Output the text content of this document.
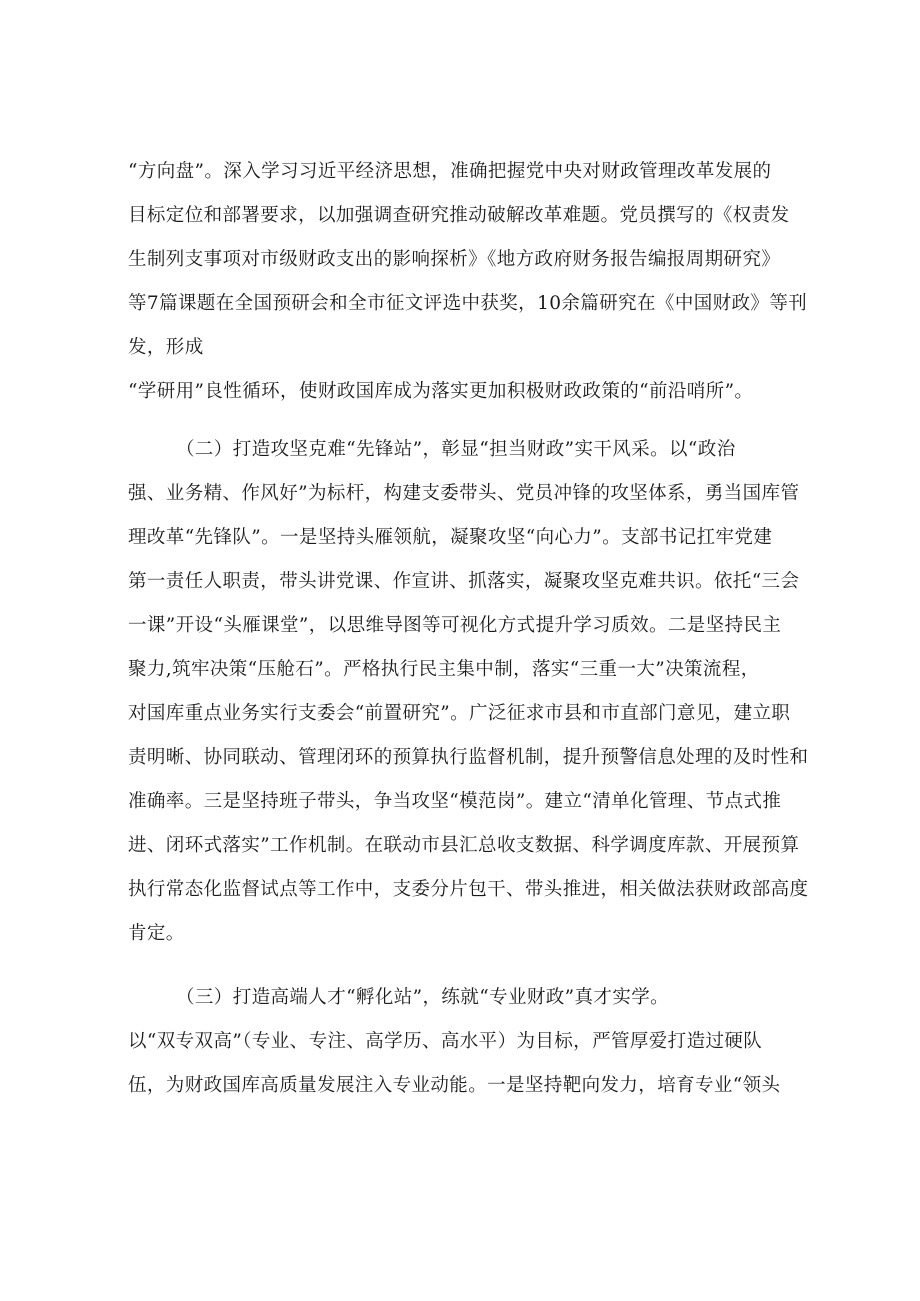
“方向盘”。深入学习习近平经济思想，准确把握党中央对财政管理改革发展的
目标定位和部署要求，以加强调查研究推动破解改革难题。党员撰写的《权责发
生制列支事项对市级财政支出的影响探析》《地方政府财务报告编报周期研究》
等7篇课题在全国预研会和全市征文评选中获奖，10余篇研究在《中国财政》等刊
发，形成
“学研用”良性循环，使财政国库成为落实更加积极财政政策的“前沿哨所”。
（二）打造攻坚克难“先锋站”，彰显“担当财政”实干风采。以“政治
强、业务精、作风好”为标杆，构建支委带头、党员冲锋的攻坚体系，勇当国库管
理改革“先锋队”。一是坚持头雁领航，凝聚攻坚“向心力”。支部书记扛牢党建
第一责任人职责，带头讲党课、作宣讲、抓落实，凝聚攻坚克难共识。依托“三会
一课”开设“头雁课堂”，以思维导图等可视化方式提升学习质效。二是坚持民主
聚力,筑牢决策“压舱石”。严格执行民主集中制，落实“三重一大”决策流程，
对国库重点业务实行支委会“前置研究”。广泛征求市县和市直部门意见，建立职
责明晰、协同联动、管理闭环的预算执行监督机制，提升预警信息处理的及时性和
准确率。三是坚持班子带头，争当攻坚“模范岗”。建立“清单化管理、节点式推
进、闭环式落实”工作机制。在联动市县汇总收支数据、科学调度库款、开展预算
执行常态化监督试点等工作中，支委分片包干、带头推进，相关做法获财政部高度
肯定。
（三）打造高端人才“孵化站”，练就“专业财政”真才实学。
以“双专双高”（专业、专注、高学历、高水平）为目标，严管厚爱打造过硬队
伍，为财政国库高质量发展注入专业动能。一是坚持靶向发力，培育专业“领头
